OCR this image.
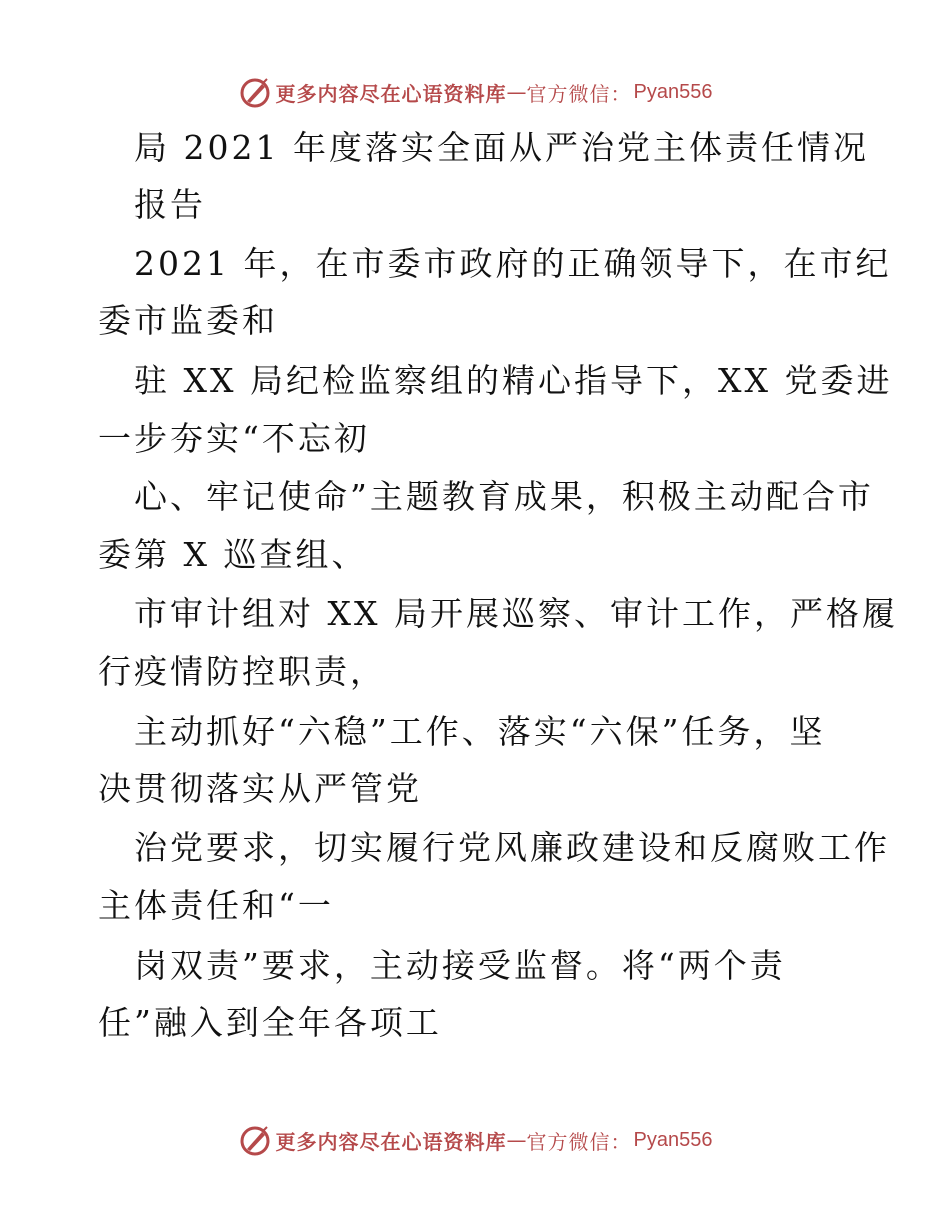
更多内容尽在心语资料库 — 官方微信： Pyan556
局 2021 年度落实全面从严治党主体责任情况
报告
2021 年，在市委市政府的正确领导下，在市纪
委市监委和
驻 XX 局纪检监察组的精心指导下，XX 党委进
一步夯实“不忘初
心、牢记使命”主题教育成果，积极主动配合市
委第 X 巡查组、
市审计组对 XX 局开展巡察、审计工作，严格履
行疫情防控职责，
主动抓好“六稳”工作、落实“六保”任务，坚
决贯彻落实从严管党
治党要求，切实履行党风廉政建设和反腐败工作
主体责任和“一
岗双责”要求，主动接受监督。将“两个责
任”融入到全年各项工
更多内容尽在心语资料库 — 官方微信： Pyan556
